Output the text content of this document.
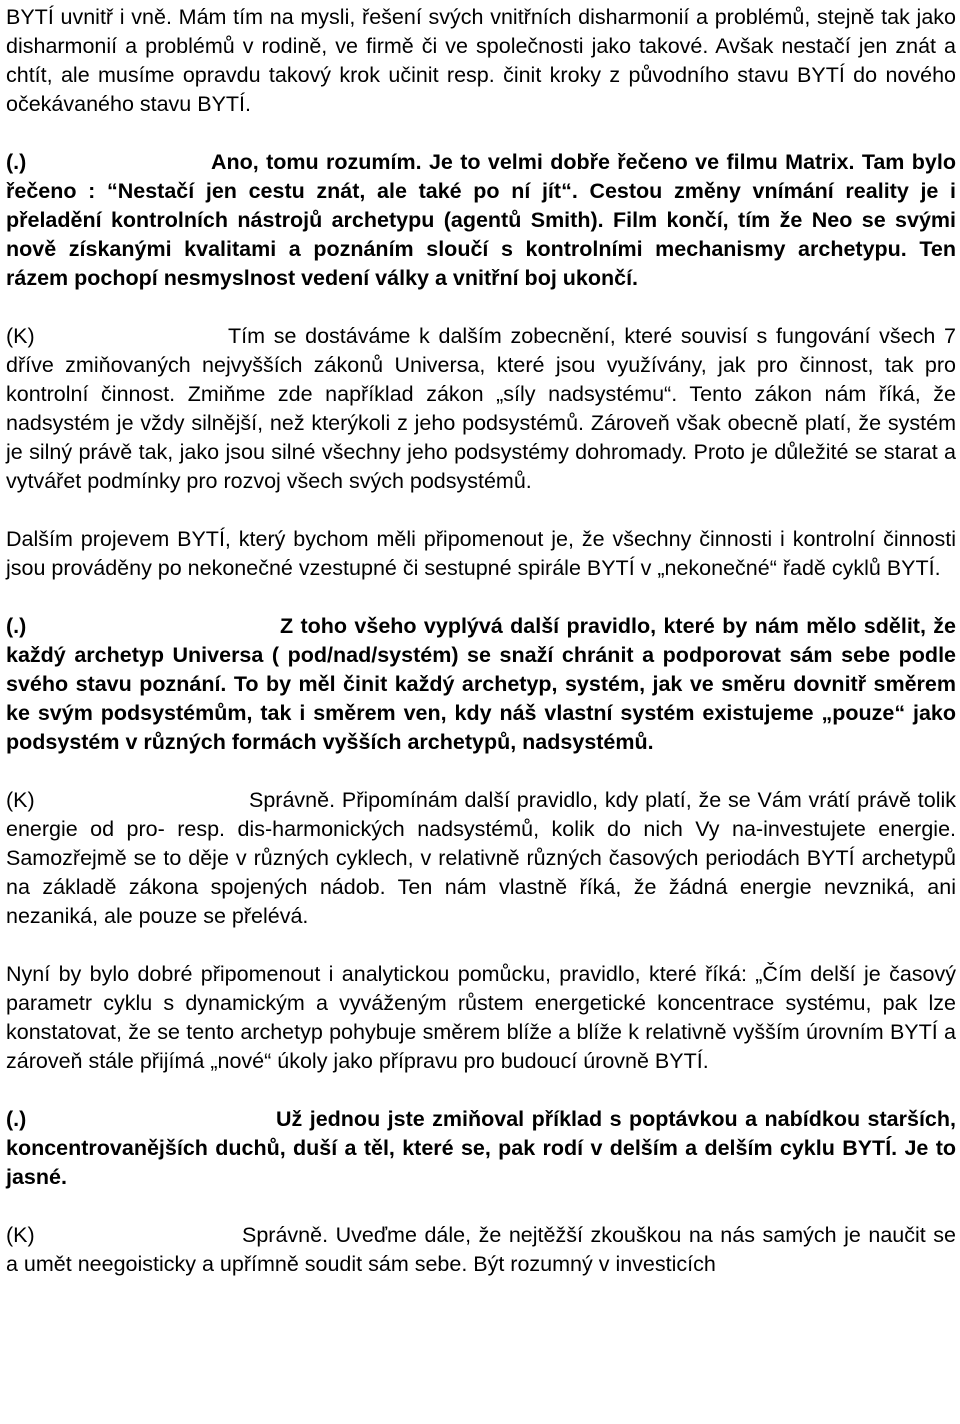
BYTÍ uvnitř i vně. Mám tím na mysli, řešení svých vnitřních disharmonií a problémů, stejně tak jako disharmonií a problémů v rodině, ve firmě či ve společnosti jako takové. Avšak nestačí jen znát a chtít, ale musíme opravdu takový krok učinit resp. činit kroky z původního stavu BYTÍ do nového očekávaného stavu BYTÍ.

(.)	Ano, tomu rozumím. Je to velmi dobře řečeno ve filmu Matrix. Tam bylo řečeno : “Nestačí jen cestu znát, ale také po ní jít“. Cestou změny vnímání reality je i přeladění kontrolních nástrojů archetypu (agentů Smith). Film končí, tím že Neo se svými nově získanými kvalitami a poznáním sloučí s kontrolními mechanismy archetypu. Ten rázem pochopí nesmyslnost vedení války a vnitřní boj ukončí.

(K)	Tím se dostáváme k dalším zobecnění, které souvisí s fungování všech 7 dříve zmiňovaných nejvyšších zákonů Universa, které jsou využívány, jak pro činnost, tak pro kontrolní činnost. Zmiňme zde například zákon „síly nadsystému“. Tento zákon nám říká, že nadsystém je vždy silnější, než kterýkoli z jeho podsystémů. Zároveň však obecně platí, že systém je silný právě tak, jako jsou silné všechny jeho podsystémy dohromady. Proto je důležité se starat a vytvářet podmínky pro rozvoj všech svých podsystémů.

Dalším projevem BYTÍ, který bychom měli připomenout je, že všechny činnosti i kontrolní činnosti jsou prováděny po nekonečné vzestupné či sestupné spirále BYTÍ v „nekonečné“ řadě cyklů BYTÍ.

(.)	Z toho všeho vyplývá další pravidlo, které by nám mělo sdělit, že každý archetyp Universa ( pod/nad/systém) se snaží chránit a podporovat sám sebe podle svého stavu poznání. To by měl činit každý archetyp, systém, jak ve směru dovnitř směrem ke svým podsystémům, tak i směrem ven, kdy náš vlastní systém existujeme „pouze“ jako podsystém v různých formách vyšších archetypů, nadsystémů.

(K)	Správně. Připomínám další pravidlo, kdy platí, že se Vám vrátí právě tolik energie od pro- resp. dis-harmonických nadsystémů, kolik do nich Vy na-investujete energie. Samozřejmě se to děje v různých cyklech, v relativně různých časových periodách BYTÍ archetypů na základě zákona spojených nádob. Ten nám vlastně říká, že žádná energie nevzniká, ani nezaniká, ale pouze se přelévá.

Nyní by bylo dobré připomenout i analytickou pomůcku, pravidlo, které říká: „Čím delší je časový parametr cyklu s dynamickým a vyváženým růstem energetické koncentrace systému, pak lze konstatovat, že se tento archetyp pohybuje směrem blíže a blíže k relativně vyšším úrovním BYTÍ a zároveň stále přijímá „nové“ úkoly jako přípravu pro budoucí úrovně BYTÍ.

(.)	Už jednou jste zmiňoval příklad s poptávkou a nabídkou starších, koncentrovanějších duchů, duší a těl, které se, pak rodí v delším a delším cyklu BYTÍ. Je to jasné.

(K)	Správně. Uveďme dále, že nejtěžší zkouškou na nás samých je naučit se a umět neegoisticky a upřímně soudit sám sebe. Být rozumný v investicích
